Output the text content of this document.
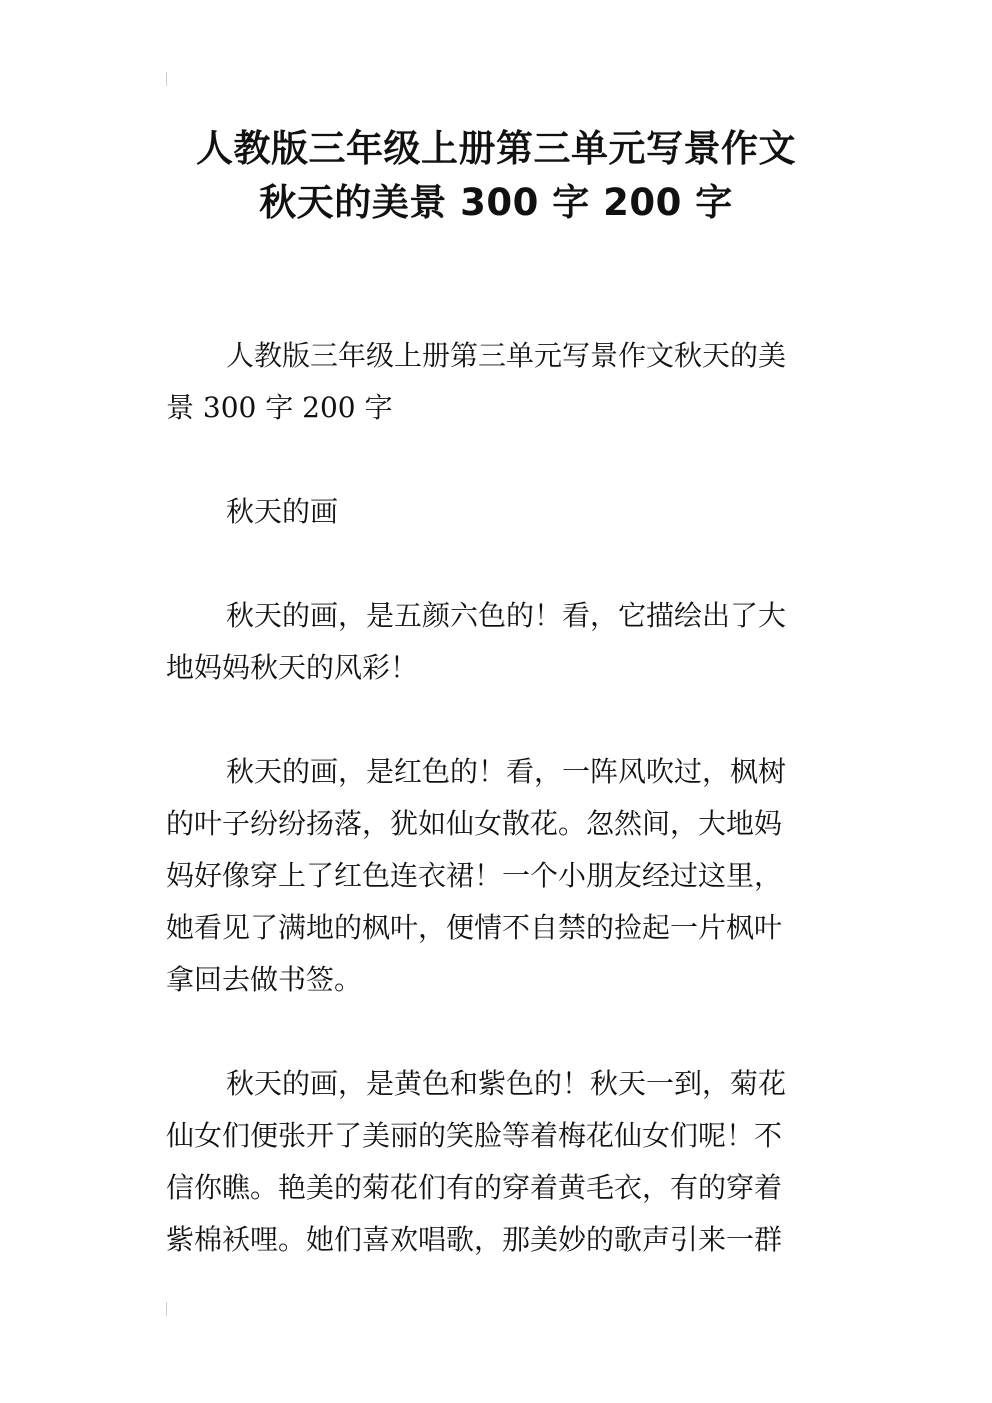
人教版三年级上册第三单元写景作文
秋天的美景 300 字 200 字

人教版三年级上册第三单元写景作文秋天的美
景 300 字 200 字

秋天的画

秋天的画，是五颜六色的！看，它描绘出了大
地妈妈秋天的风彩！

秋天的画，是红色的！看，一阵风吹过，枫树
的叶子纷纷扬落，犹如仙女散花。忽然间，大地妈
妈好像穿上了红色连衣裙！一个小朋友经过这里，
她看见了满地的枫叶，便情不自禁的捡起一片枫叶
拿回去做书签。

秋天的画，是黄色和紫色的！秋天一到，菊花
仙女们便张开了美丽的笑脸等着梅花仙女们呢！不
信你瞧。艳美的菊花们有的穿着黄毛衣，有的穿着
紫棉袄哩。她们喜欢唱歌，那美妙的歌声引来一群
